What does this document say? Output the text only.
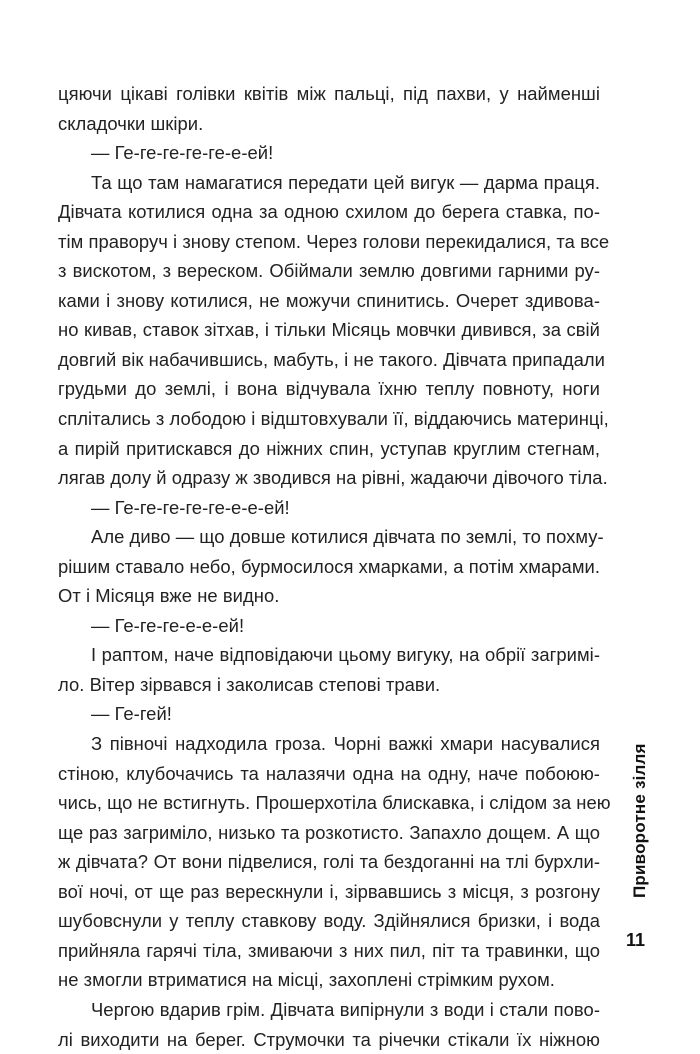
цяючи цікаві голівки квітів між пальці, під пахви, у найменші
складочки шкіри.
— Ге-ге-ге-ге-ге-е-ей!
Та що там намагатися передати цей вигук — дарма праця.
Дівчата котилися одна за одною схилом до берега ставка, по-
тім праворуч і знову степом. Через голови перекидалися, та все
з вискотом, з вереском. Обіймали землю довгими гарними ру-
ками і знову котилися, не можучи спинитись. Очерет здивова-
но кивав, ставок зітхав, і тільки Місяць мовчки дивився, за свій
довгий вік набачившись, мабуть, і не такого. Дівчата припадали
грудьми до землі, і вона відчувала їхню теплу повноту, ноги
сплітались з лободою і відштовхували її, віддаючись материнці,
а пирій притискався до ніжних спин, уступав круглим стегнам,
лягав долу й одразу ж зводився на рівні, жадаючи дівочого тіла.
— Ге-ге-ге-ге-ге-е-е-ей!
Але диво — що довше котилися дівчата по землі, то похму-
рішим ставало небо, бурмосилося хмарками, а потім хмарами.
От і Місяця вже не видно.
— Ге-ге-ге-е-е-ей!
І раптом, наче відповідаючи цьому вигуку, на обрії загримі-
ло. Вітер зірвався і заколисав степові трави.
— Ге-гей!
З півночі надходила гроза. Чорні важкі хмари насувалися
стіною, клубочачись та налазячи одна на одну, наче побоюю-
чись, що не встигнуть. Прошерхотіла блискавка, і слідом за нею
ще раз загриміло, низько та розкотисто. Запахло дощем. А що
ж дівчата? От вони підвелися, голі та бездоганні на тлі бурхли-
вої ночі, от ще раз верескнули і, зірвавшись з місця, з розгону
шубовснули у теплу ставкову воду. Здійнялися бризки, і вода
прийняла гарячі тіла, змиваючи з них пил, піт та травинки, що
не змогли втриматися на місці, захоплені стрімким рухом.
Чергою вдарив грім. Дівчата випірнули з води і стали пово-
лі виходити на берег. Струмочки та річечки стікали їх ніжною
Приворотне зілля
11
